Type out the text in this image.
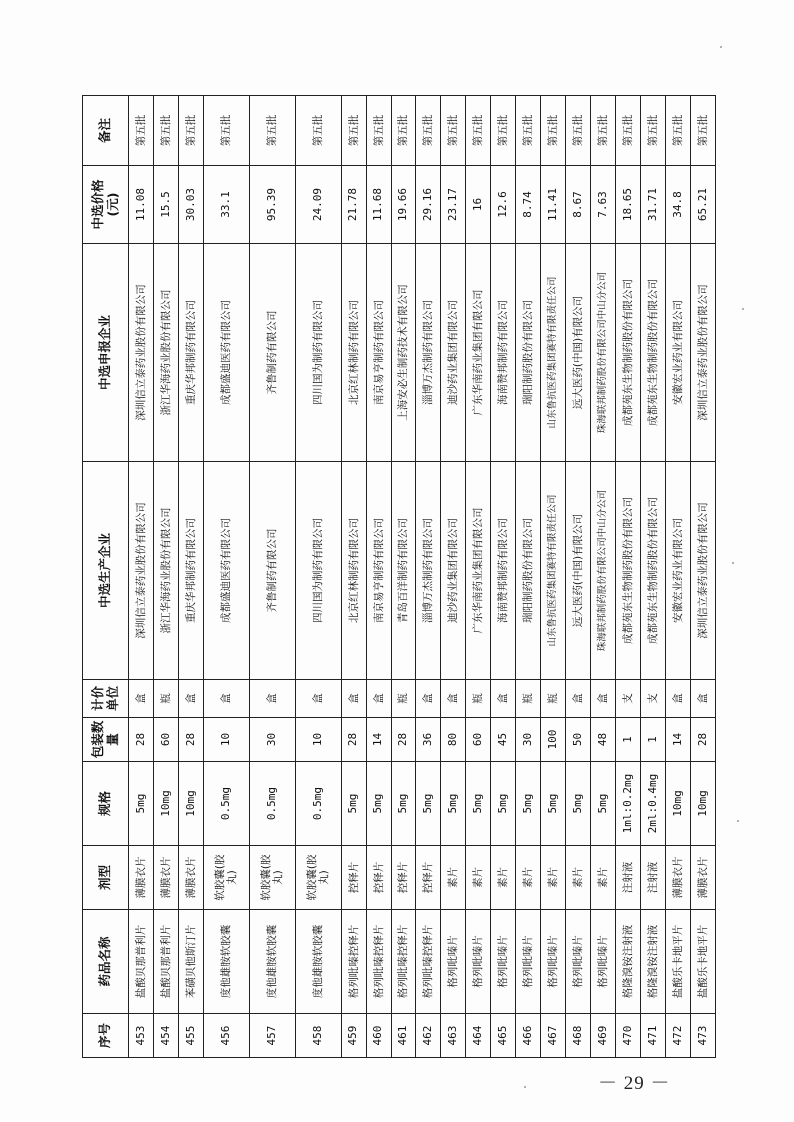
序号	药品名称	剂型	规格	包装数量	计价单位	中选生产企业	中选申报企业	中选价格(元)	备注
453	盐酸贝那普利片	薄膜衣片	5mg	28	盒	深圳信立泰药业股份有限公司	深圳信立泰药业股份有限公司	11.08	第五批
454	盐酸贝那普利片	薄膜衣片	10mg	60	瓶	浙江华海药业股份有限公司	浙江华海药业股份有限公司	15.5	第五批
455	苯磺贝他斯汀片	薄膜衣片	10mg	28	盒	重庆华邦制药有限公司	重庆华邦制药有限公司	30.03	第五批
456	度他雄胺软胶囊	软胶囊(胶丸)	0.5mg	10	盒	成都盛迪医药有限公司	成都盛迪医药有限公司	33.1	第五批
457	度他雄胺软胶囊	软胶囊(胶丸)	0.5mg	30	盒	齐鲁制药有限公司	齐鲁制药有限公司	95.39	第五批
458	度他雄胺软胶囊	软胶囊(胶丸)	0.5mg	10	盒	四川国为制药有限公司	四川国为制药有限公司	24.09	第五批
459	格列吡嗪控释片	控释片	5mg	28	盒	北京红林制药有限公司	北京红林制药有限公司	21.78	第五批
460	格列吡嗪控释片	控释片	5mg	14	盒	南京易亨制药有限公司	南京易亨制药有限公司	11.68	第五批
461	格列吡嗪控释片	控释片	5mg	28	瓶	青岛百洋制药有限公司	上海安必生制药技术有限公司	19.66	第五批
462	格列吡嗪控释片	控释片	5mg	36	盒	淄博万杰制药有限公司	淄博万杰制药有限公司	29.16	第五批
463	格列吡嗪片	素片	5mg	80	盒	迪沙药业集团有限公司	迪沙药业集团有限公司	23.17	第五批
464	格列吡嗪片	素片	5mg	60	瓶	广东华南药业集团有限公司	广东华南药业集团有限公司	16	第五批
465	格列吡嗪片	素片	5mg	45	盒	海南赞邦制药有限公司	海南赞邦制药有限公司	12.6	第五批
466	格列吡嗪片	素片	5mg	30	瓶	瑞阳制药股份有限公司	瑞阳制药股份有限公司	8.74	第五批
467	格列吡嗪片	素片	5mg	100	瓶	山东鲁抗医药集团赛特有限责任公司	山东鲁抗医药集团赛特有限责任公司	11.41	第五批
468	格列吡嗪片	素片	5mg	50	盒	远大医药(中国)有限公司	远大医药(中国)有限公司	8.67	第五批
469	格列吡嗪片	素片	5mg	48	盒	珠海联邦制药股份有限公司中山分公司	珠海联邦制药股份有限公司中山分公司	7.63	第五批
470	格隆溴铵注射液	注射液	1ml:0.2mg	1	支	成都苑东生物制药股份有限公司	成都苑东生物制药股份有限公司	18.65	第五批
471	格隆溴铵注射液	注射液	2ml:0.4mg	1	支	成都苑东生物制药股份有限公司	成都苑东生物制药股份有限公司	31.71	第五批
472	盐酸乐卡地平片	薄膜衣片	10mg	14	盒	安徽宏业药业有限公司	安徽宏业药业有限公司	34.8	第五批
473	盐酸乐卡地平片	薄膜衣片	10mg	28	盒	深圳信立泰药业股份有限公司	深圳信立泰药业股份有限公司	65.21	第五批
－ 29 －
